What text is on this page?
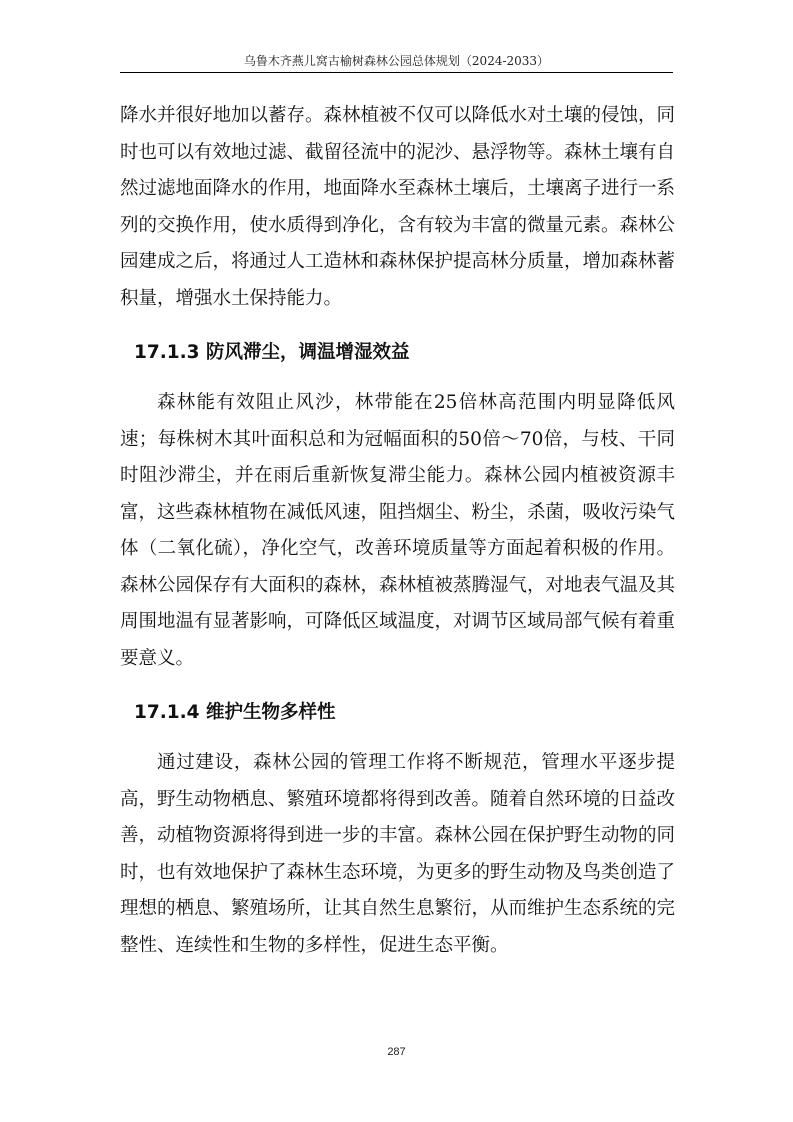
乌鲁木齐燕儿窝古榆树森林公园总体规划（2024-2033）

降水并很好地加以蓄存。森林植被不仅可以降低水对土壤的侵蚀，同时也可以有效地过滤、截留径流中的泥沙、悬浮物等。森林土壤有自然过滤地面降水的作用，地面降水至森林土壤后，土壤离子进行一系列的交换作用，使水质得到净化，含有较为丰富的微量元素。森林公园建成之后，将通过人工造林和森林保护提高林分质量，增加森林蓄积量，增强水土保持能力。

17.1.3 防风滞尘，调温增湿效益

森林能有效阻止风沙，林带能在25倍林高范围内明显降低风速；每株树木其叶面积总和为冠幅面积的50倍～70倍，与枝、干同时阻沙滞尘，并在雨后重新恢复滞尘能力。森林公园内植被资源丰富，这些森林植物在减低风速，阻挡烟尘、粉尘，杀菌，吸收污染气体（二氧化硫），净化空气，改善环境质量等方面起着积极的作用。森林公园保存有大面积的森林，森林植被蒸腾湿气，对地表气温及其周围地温有显著影响，可降低区域温度，对调节区域局部气候有着重要意义。

17.1.4 维护生物多样性

通过建设，森林公园的管理工作将不断规范，管理水平逐步提高，野生动物栖息、繁殖环境都将得到改善。随着自然环境的日益改善，动植物资源将得到进一步的丰富。森林公园在保护野生动物的同时，也有效地保护了森林生态环境，为更多的野生动物及鸟类创造了理想的栖息、繁殖场所，让其自然生息繁衍，从而维护生态系统的完整性、连续性和生物的多样性，促进生态平衡。

287
